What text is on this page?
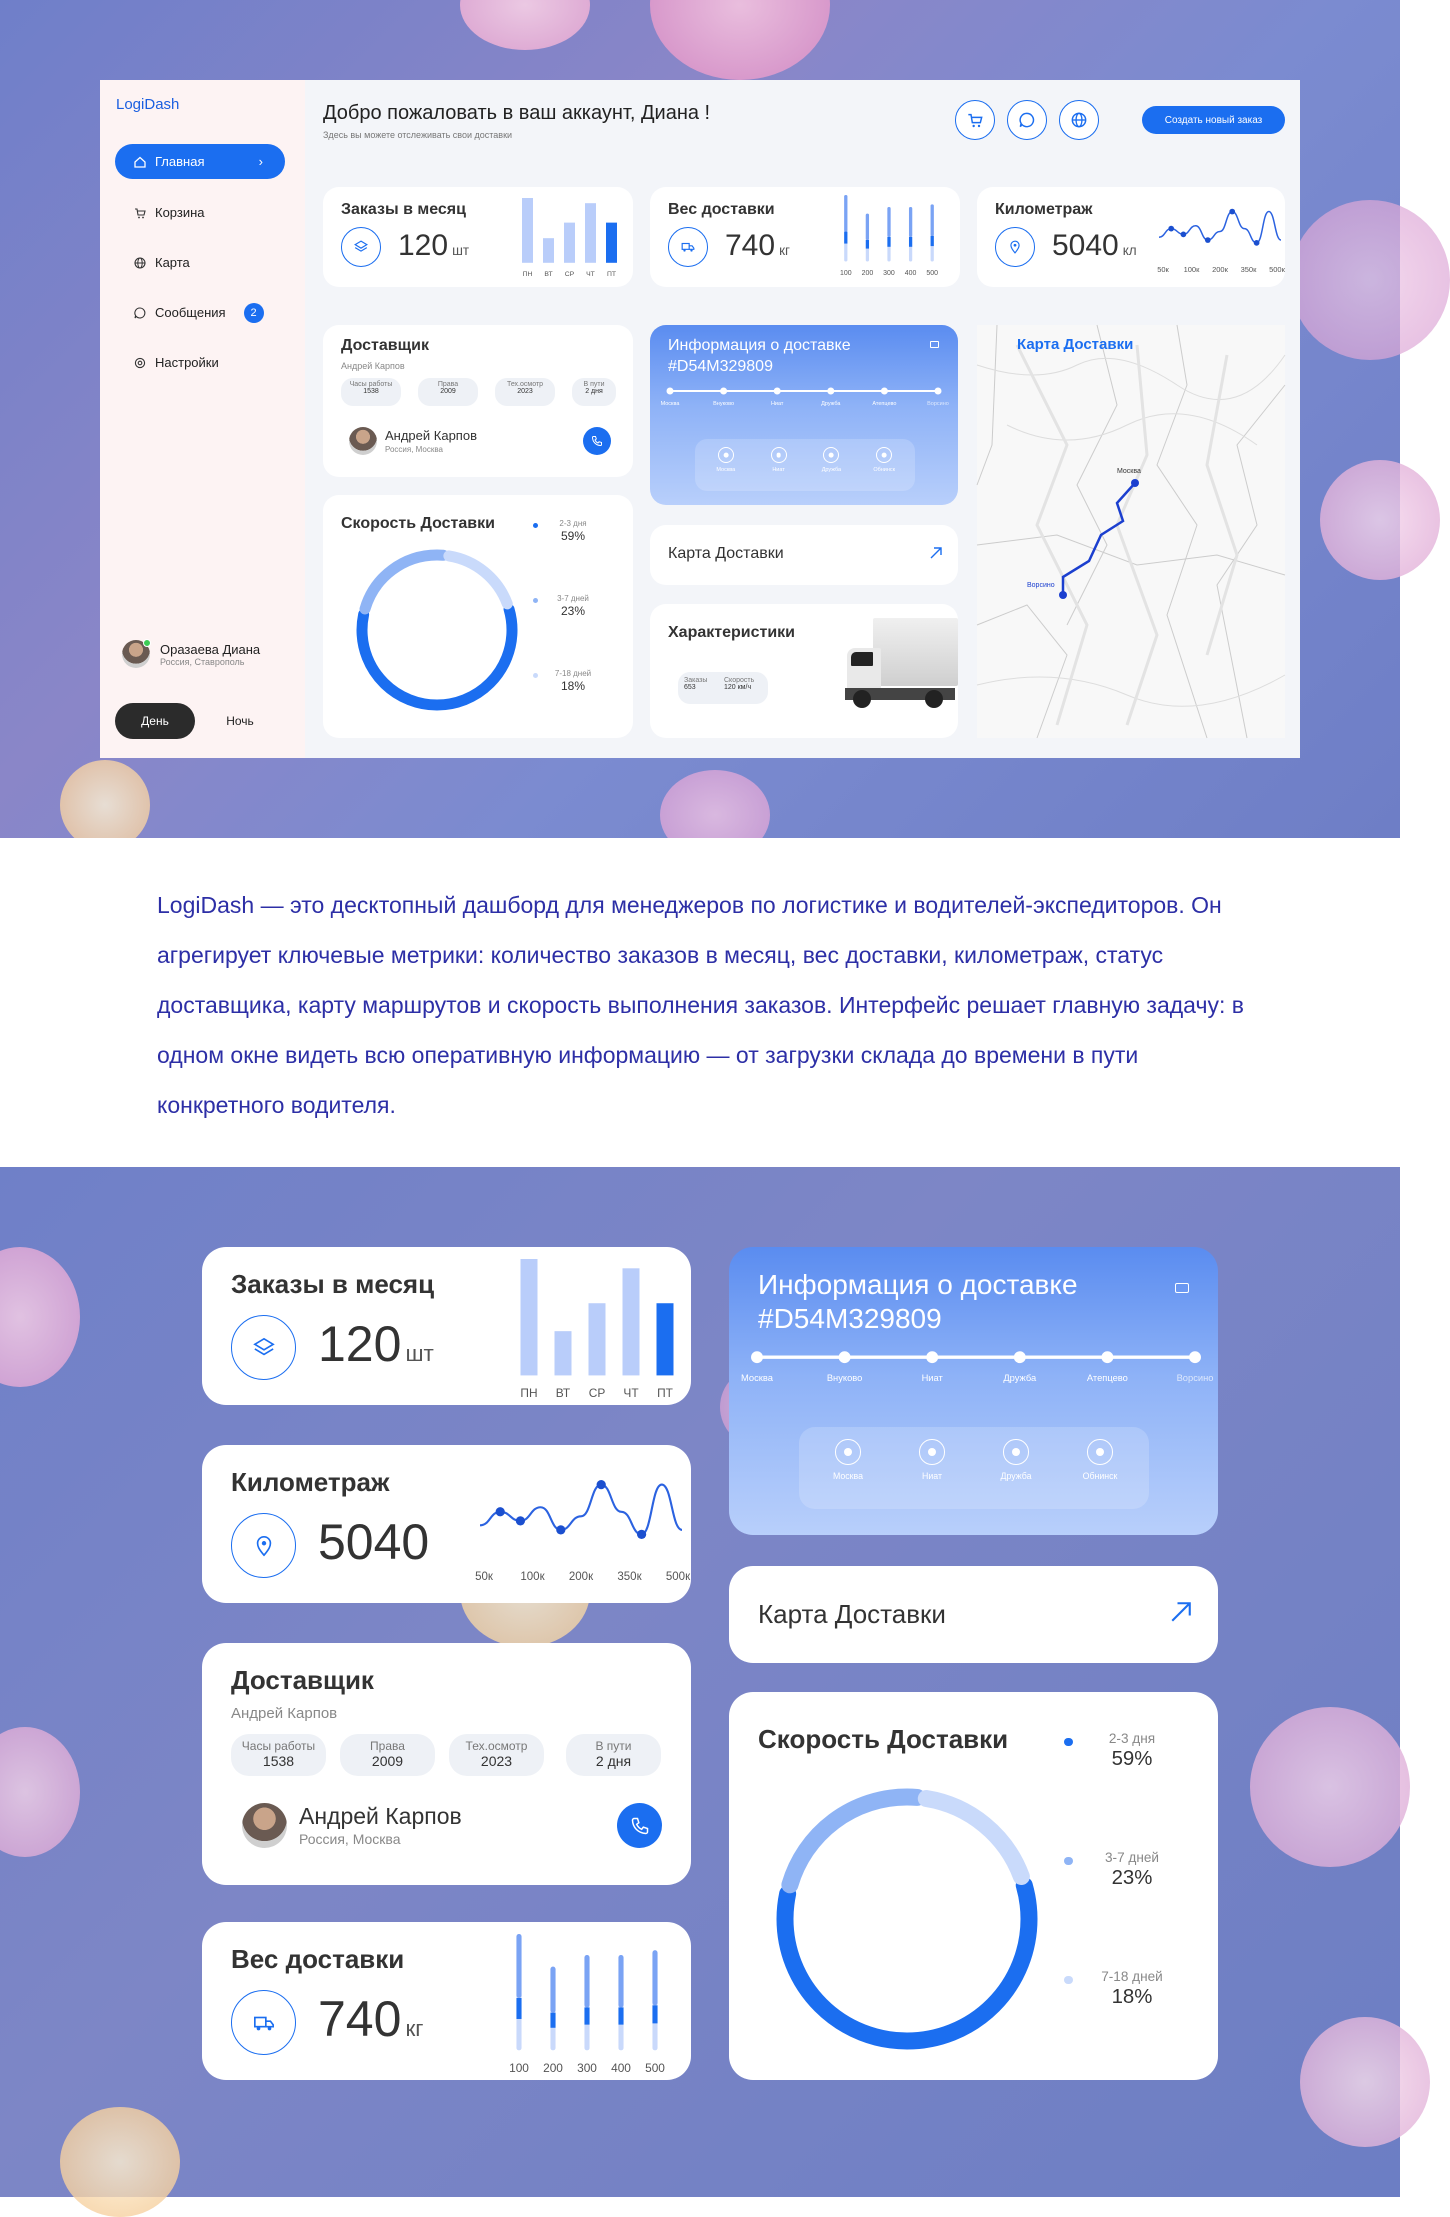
LogiDash
Главная	›
Корзина
Карта
Сообщения	2
Настройки
Оразаева Диана
Россия, Ставрополь
День	Ночь
Добро пожаловать в ваш аккаунт, Диана !
Здесь вы можете отслеживать свои доставки
Создать новый заказ
Заказы в месяц
120 шт
ПН ВТ СР ЧТ ПТ
Вес доставки
740 кг
100 200 300 400 500
Километраж
5040 кл
50к 100к 200к 350к 500к
Доставщик
Андрей Карпов
Часы работы
1538
Права
2009
Тех.осмотр
2023
В пути
2 дня
Андрей Карпов
Россия, Москва
Информация о доставке
#D54M329809
Москва	Внуково	Ниат	Дружба	Атепцево	Ворсино
Москва	Ниат	Дружба	Обнинск
Карта Доставки
Характеристики
Заказы
653
Скорость
120 км/ч
Скорость Доставки	2-3 дня
59%
3-7 дней
23%
7-18 дней
18%
Москва
Ворсино
Карта Доставки

LogiDash — это десктопный дашборд для менеджеров по логистике и водителей-экспедиторов. Он агрегирует ключевые метрики: количество заказов в месяц, вес доставки, километраж, статус доставщика, карту маршрутов и скорость выполнения заказов. Интерфейс решает главную задачу: в одном окне видеть всю оперативную информацию — от загрузки склада до времени в пути конкретного водителя.

Заказы в месяц
120 шт
ПН ВТ СР ЧТ ПТ
Километраж
5040
50к 100к 200к 350к 500к
Доставщик
Андрей Карпов
Часы работы
1538
Права
2009
Тех.осмотр
2023
В пути
2 дня
Андрей Карпов
Россия, Москва
Вес доставки
740 кг
100 200 300 400 500
Информация о доставке
#D54M329809
Москва	Внуково	Ниат	Дружба	Атепцево	Ворсино
Москва	Ниат	Дружба	Обнинск
Карта Доставки
Скорость Доставки	2-3 дня
59%
3-7 дней
23%
7-18 дней
18%
